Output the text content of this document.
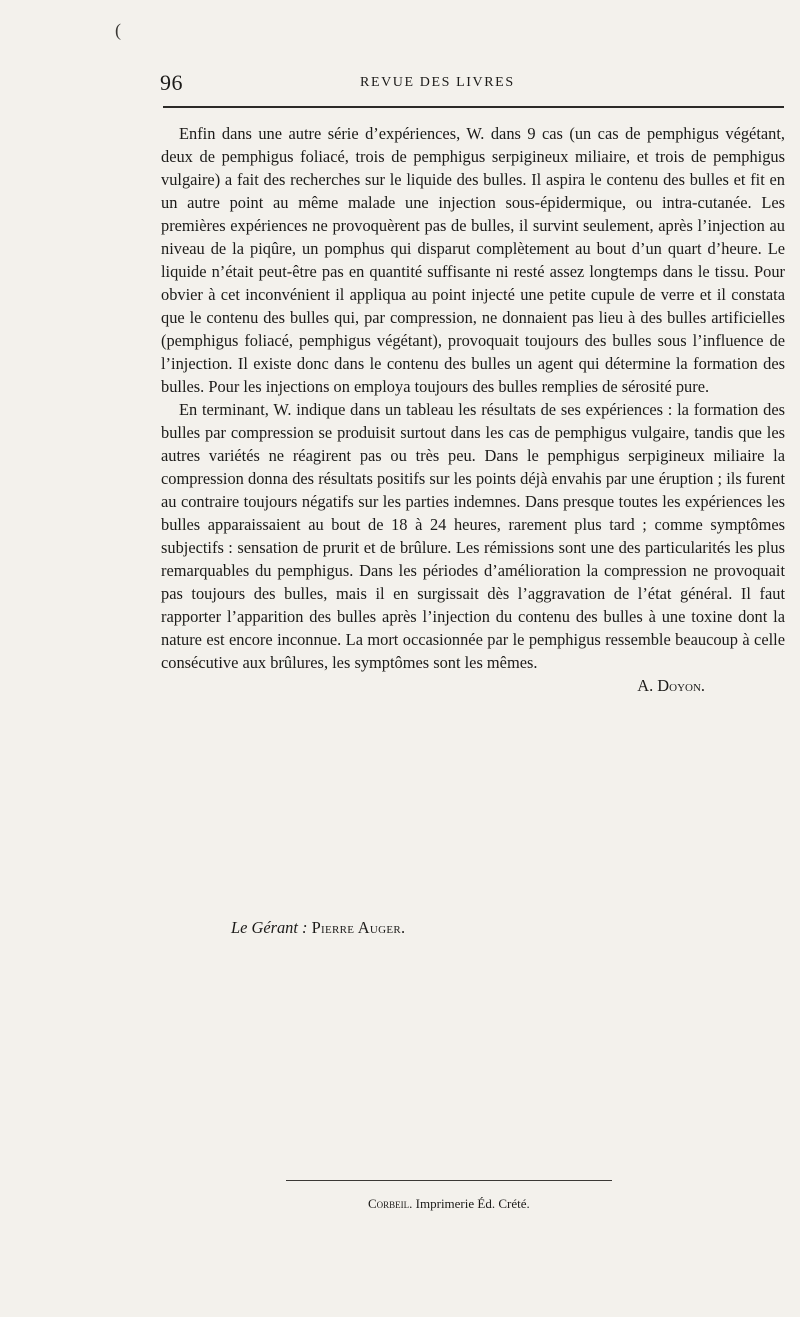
(
96	REVUE DES LIVRES

Enfin dans une autre série d’expériences, W. dans 9 cas (un cas de pemphigus végétant, deux de pemphigus foliacé, trois de pemphigus serpigineux miliaire, et trois de pemphigus vulgaire) a fait des recherches sur le liquide des bulles. Il aspira le contenu des bulles et fit en un autre point au même malade une injection sous-épidermique, ou intra-cutanée. Les premières expériences ne provoquèrent pas de bulles, il survint seulement, après l’injection au niveau de la piqûre, un pomphus qui disparut complètement au bout d’un quart d’heure. Le liquide n’était peut-être pas en quantité suffisante ni resté assez longtemps dans le tissu. Pour obvier à cet inconvénient il appliqua au point injecté une petite cupule de verre et il constata que le contenu des bulles qui, par compression, ne donnaient pas lieu à des bulles artificielles (pemphigus foliacé, pemphigus végétant), provoquait toujours des bulles sous l’influence de l’injection. Il existe donc dans le contenu des bulles un agent qui détermine la formation des bulles. Pour les injections on employa toujours des bulles remplies de sérosité pure.

En terminant, W. indique dans un tableau les résultats de ses expériences : la formation des bulles par compression se produisit surtout dans les cas de pemphigus vulgaire, tandis que les autres variétés ne réagirent pas ou très peu. Dans le pemphigus serpigineux miliaire la compression donna des résultats positifs sur les points déjà envahis par une éruption ; ils furent au contraire toujours négatifs sur les parties indemnes. Dans presque toutes les expériences les bulles apparaissaient au bout de 18 à 24 heures, rarement plus tard ; comme symptômes subjectifs : sensation de prurit et de brûlure. Les rémissions sont une des particularités les plus remarquables du pemphigus. Dans les périodes d’amélioration la compression ne provoquait pas toujours des bulles, mais il en surgissait dès l’aggravation de l’état général. Il faut rapporter l’apparition des bulles après l’injection du contenu des bulles à une toxine dont la nature est encore inconnue. La mort occasionnée par le pemphigus ressemble beaucoup à celle consécutive aux brûlures, les symptômes sont les mêmes.

A. Doyon.
Le Gérant : Pierre Auger.
Corbeil. Imprimerie Éd. Crété.
